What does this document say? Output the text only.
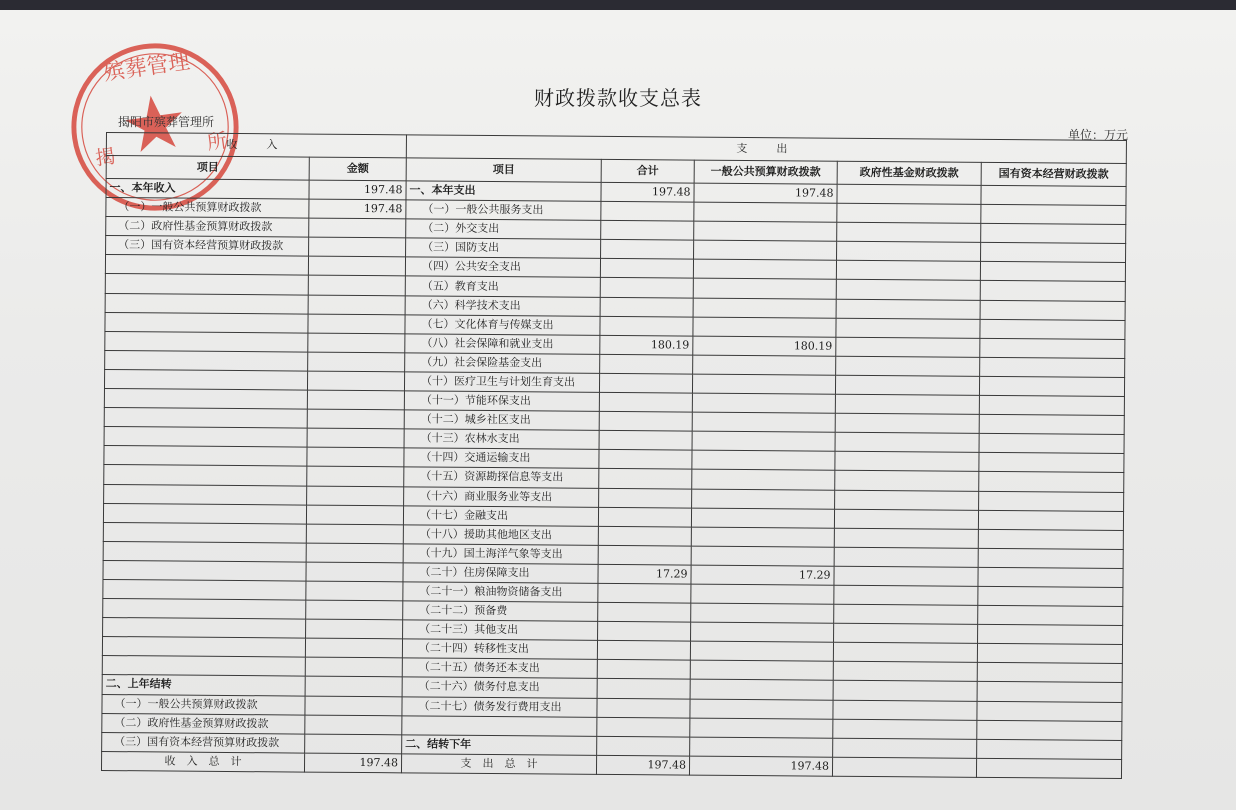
殡葬管理
揭
所
财政拨款收支总表
揭阳市殡葬管理所
单位：万元
收　入		支　出				
项目	金额	项目	合计	一般公共预算财政拨款	政府性基金财政拨款	国有资本经营财政拨款
一、本年收入	197.48	一、本年支出	197.48	197.48		
（一）一般公共预算财政拨款	197.48	（一）一般公共服务支出				
（二）政府性基金预算财政拨款		（二）外交支出				
（三）国有资本经营预算财政拨款		（三）国防支出				
		（四）公共安全支出				
		（五）教育支出				
		（六）科学技术支出				
		（七）文化体育与传媒支出				
		（八）社会保障和就业支出	180.19	180.19		
		（九）社会保险基金支出				
		（十）医疗卫生与计划生育支出				
		（十一）节能环保支出				
		（十二）城乡社区支出				
		（十三）农林水支出				
		（十四）交通运输支出				
		（十五）资源勘探信息等支出				
		（十六）商业服务业等支出				
		（十七）金融支出				
		（十八）援助其他地区支出				
		（十九）国土海洋气象等支出				
		（二十）住房保障支出	17.29	17.29		
		（二十一）粮油物资储备支出				
		（二十二）预备费				
		（二十三）其他支出				
		（二十四）转移性支出				
		（二十五）债务还本支出				
二、上年结转		（二十六）债务付息支出				
（一）一般公共预算财政拨款		（二十七）债务发行费用支出				
（二）政府性基金预算财政拨款						
（三）国有资本经营预算财政拨款		二、结转下年				
收　入　总　计	197.48	支　出　总　计	197.48	197.48		
